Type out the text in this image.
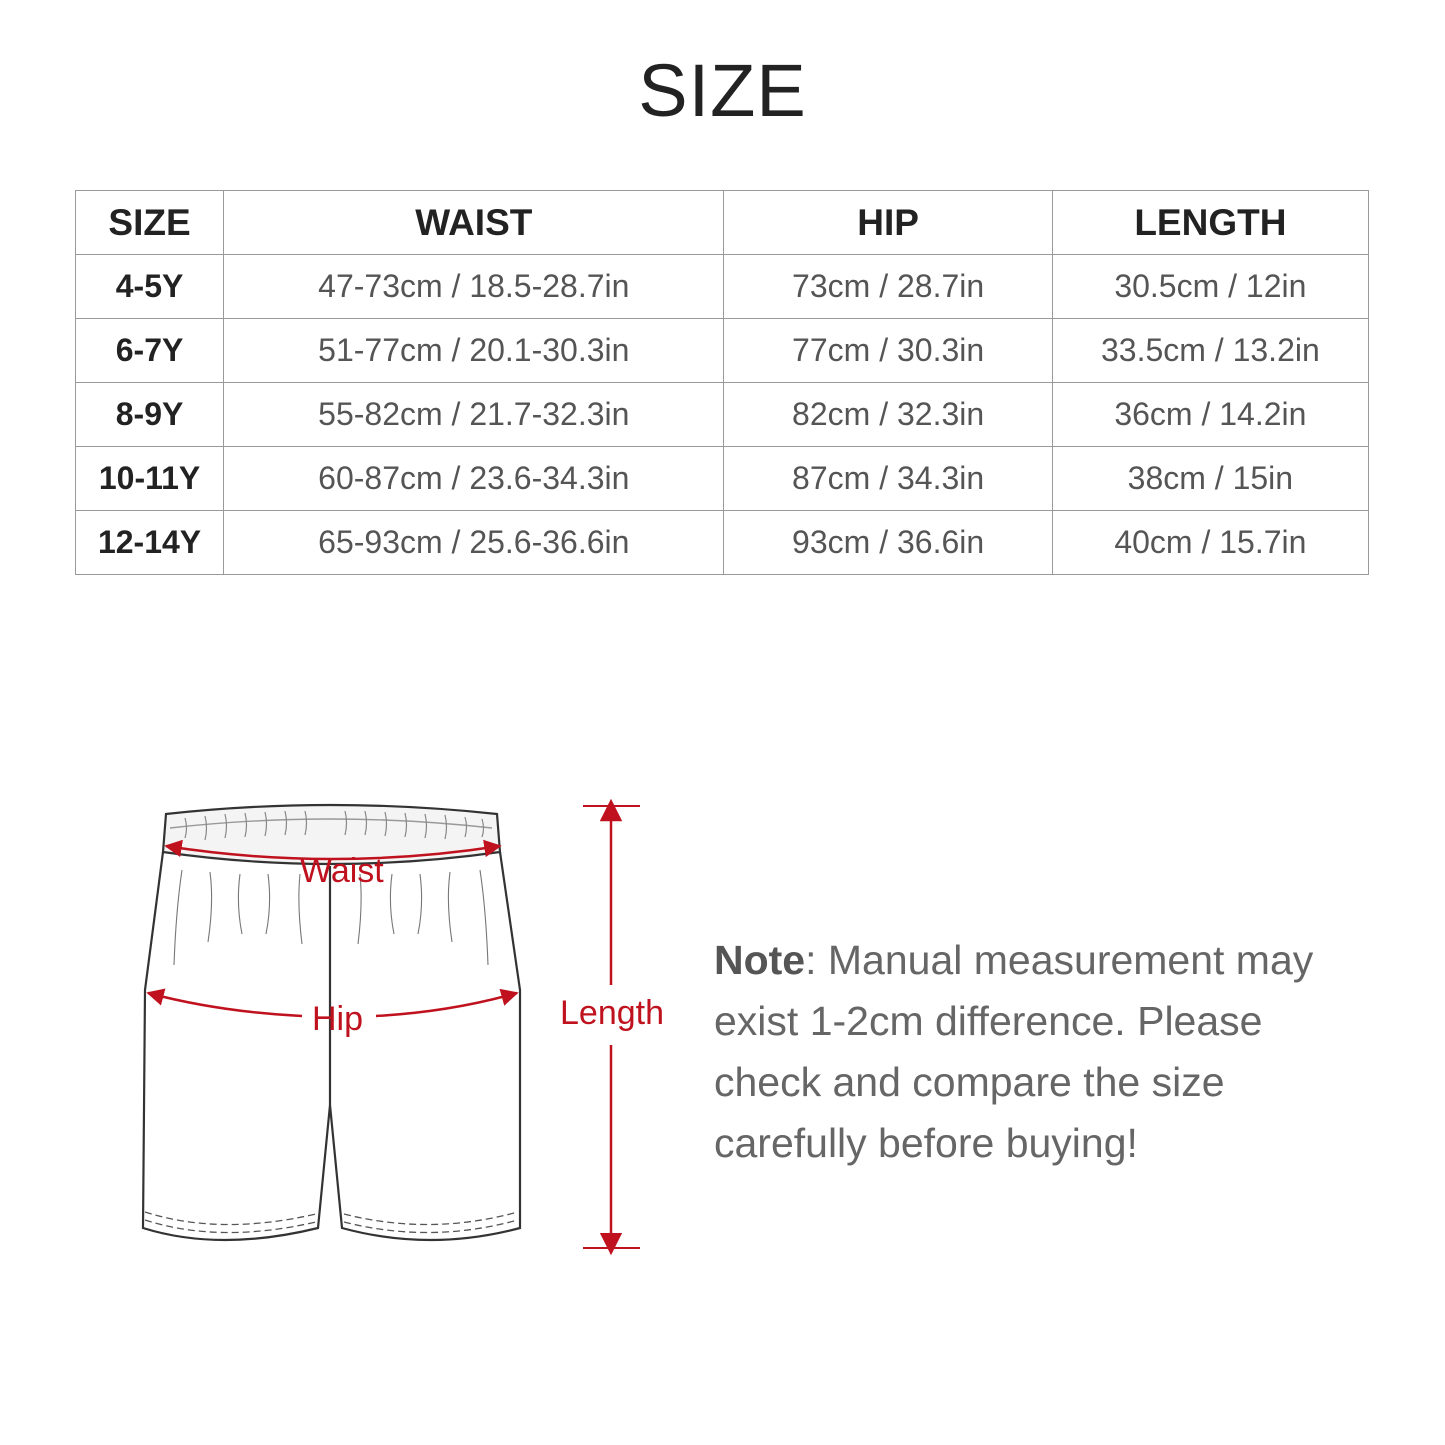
SIZE
SIZE	WAIST	HIP	LENGTH
4-5Y	47-73cm / 18.5-28.7in	73cm / 28.7in	30.5cm / 12in
6-7Y	51-77cm / 20.1-30.3in	77cm / 30.3in	33.5cm / 13.2in
8-9Y	55-82cm / 21.7-32.3in	82cm / 32.3in	36cm / 14.2in
10-11Y	60-87cm / 23.6-34.3in	87cm / 34.3in	38cm / 15in
12-14Y	65-93cm / 25.6-36.6in	93cm / 36.6in	40cm / 15.7in
Waist
Hip	Length

Note: Manual measurement may exist 1-2cm difference. Please check and compare the size carefully before buying!
